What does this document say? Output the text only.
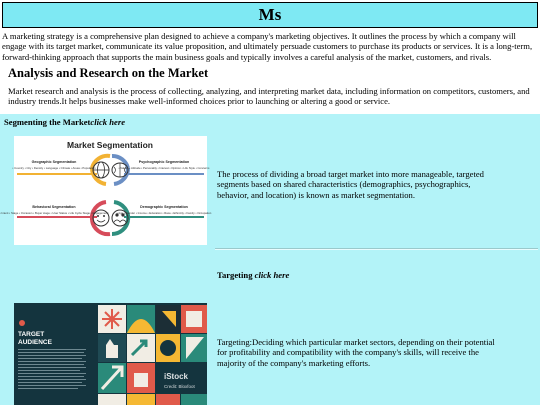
Ms
A marketing strategy is a comprehensive plan designed to achieve a company's marketing objectives. It outlines the process by which a company will engage with its target market, communicate its value proposition, and ultimately persuade customers to purchase its products or services. It is a long-term, forward-thinking approach that supports the main business goals and typically involves a careful analysis of the market, customers, and rivals.
Analysis and Research on the Market
Market research and analysis is the process of collecting, analyzing, and interpreting market data, including information on competitors, customers, and industry trends.It helps businesses make well-informed choices prior to launching or altering a good or service.
Segmenting the Marketclick here
Market Segmentation
Geographic Segmentation
• Country • City • Density • Language • Climate • Areas • Population
Psychographic Segmentation
• Values • Attitude • Personality • Interest • Opinion • Life Style • Concerns
Behavioral Segmentation
• Intent • Stage • Occasion • Buyer stage • User Status • Life Cycle Stage • Engagement
Demographic Segmentation
• Age • Gender • Income • Education • Race • Ethnicity • Family • Occupation
The process of dividing a broad target market into more manageable, targeted segments based on shared characteristics (demographics, psychographics, behavior, and location) is known as market segmentation.
Targeting click here
TARGET
AUDIENCE
iStock
Credit: Bloxfoot
Targeting:Deciding which particular market sectors, depending on their potential for profitability and compatibility with the company's skills, will receive the majority of the company's marketing efforts.
